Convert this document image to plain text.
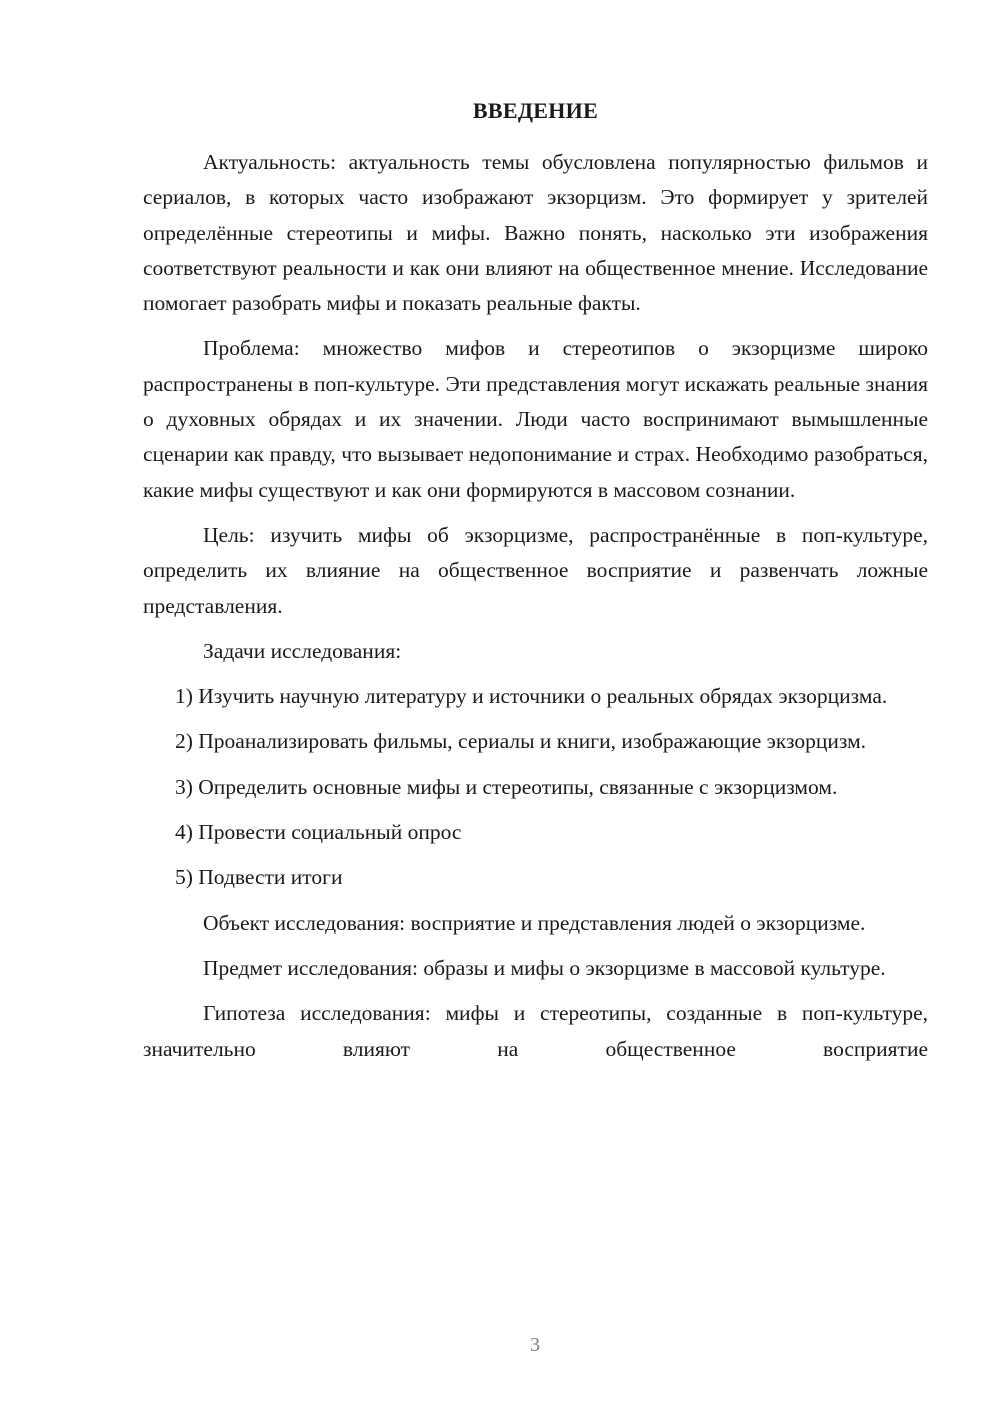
ВВЕДЕНИЕ

Актуальность: актуальность темы обусловлена популярностью фильмов и сериалов, в которых часто изображают экзорцизм. Это формирует у зрителей определённые стереотипы и мифы. Важно понять, насколько эти изображения соответствуют реальности и как они влияют на общественное мнение. Исследование помогает разобрать мифы и показать реальные факты.

Проблема: множество мифов и стереотипов о экзорцизме широко распространены в поп-культуре. Эти представления могут искажать реальные знания о духовных обрядах и их значении. Люди часто воспринимают вымышленные сценарии как правду, что вызывает недопонимание и страх. Необходимо разобраться, какие мифы существуют и как они формируются в массовом сознании.

Цель: изучить мифы об экзорцизме, распространённые в поп-культуре, определить их влияние на общественное восприятие и развенчать ложные представления.

Задачи исследования:

1) Изучить научную литературу и источники о реальных обрядах экзорцизма.

2) Проанализировать фильмы, сериалы и книги, изображающие экзорцизм.

3) Определить основные мифы и стереотипы, связанные с экзорцизмом.

4) Провести социальный опрос

5) Подвести итоги

Объект исследования: восприятие и представления людей о экзорцизме.

Предмет исследования: образы и мифы о экзорцизме в массовой культуре.

Гипотеза исследования: мифы и стереотипы, созданные в поп-культуре, значительно влияют на общественное восприятие

3
